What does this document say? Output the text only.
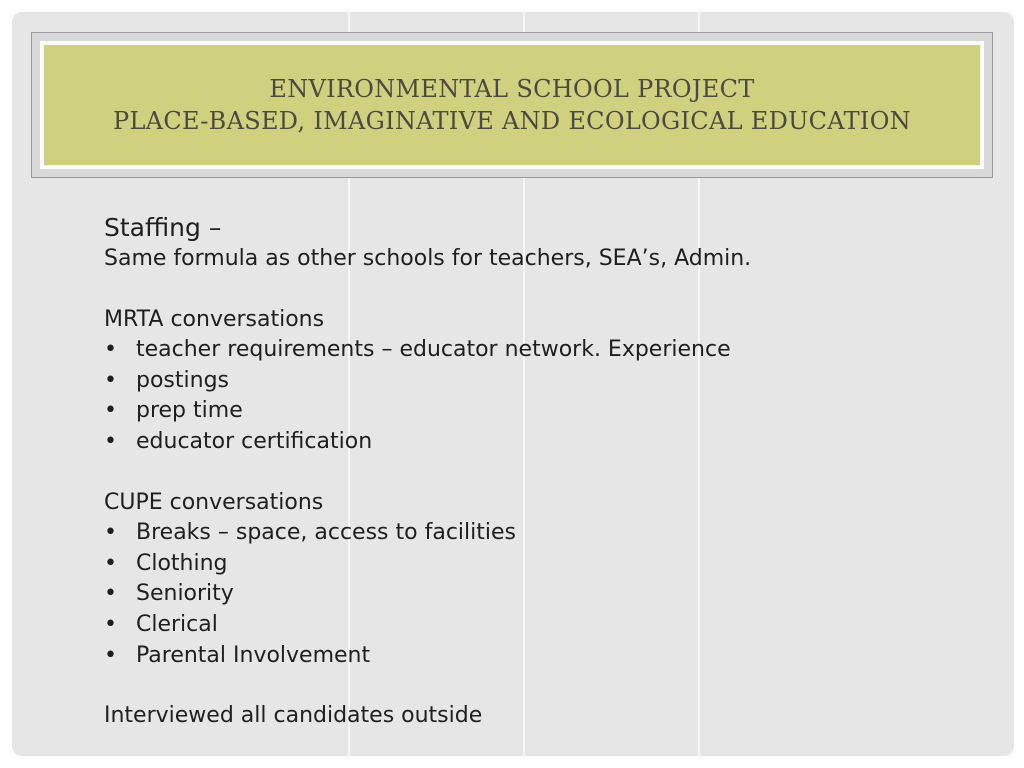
ENVIRONMENTAL SCHOOL PROJECT
PLACE-BASED, IMAGINATIVE AND ECOLOGICAL EDUCATION

Staffing –

Same formula as other schools for teachers, SEA’s, Admin.

MRTA conversations

• teacher requirements – educator network. Experience
• postings
• prep time
• educator certification

CUPE conversations

• Breaks – space, access to facilities
• Clothing
• Seniority
• Clerical
• Parental Involvement

Interviewed all candidates outside
